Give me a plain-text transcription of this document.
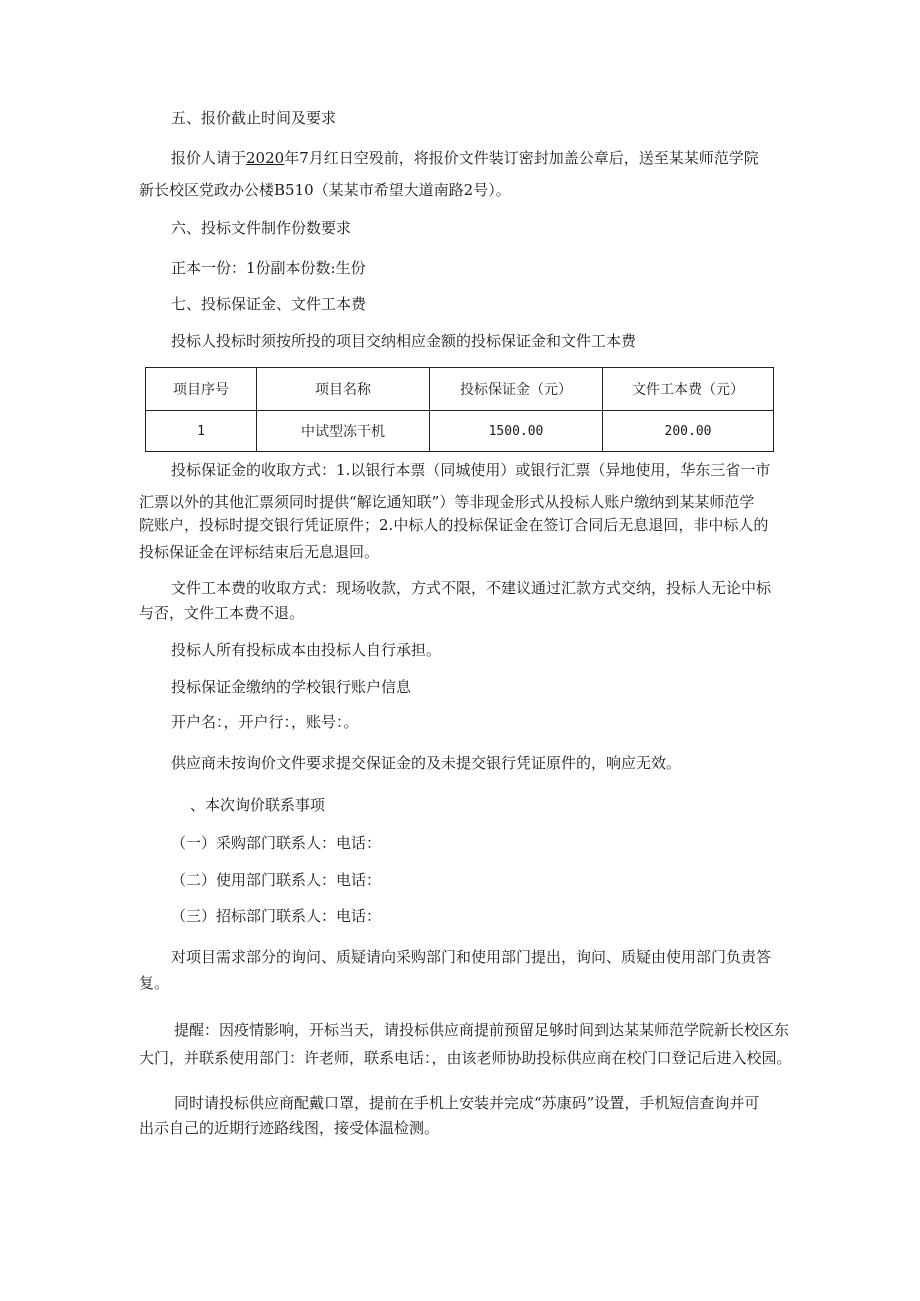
五、报价截止时间及要求
报价人请于2020年7月红日空殁前，将报价文件装订密封加盖公章后，送至某某师范学院
新长校区党政办公楼B510（某某市希望大道南路2号）。
六、投标文件制作份数要求
正本一份：1份副本份数:生份
七、投标保证金、文件工本费
投标人投标时须按所投的项目交纳相应金额的投标保证金和文件工本费
项目序号	项目名称	投标保证金（元）	文件工本费（元）
1	中试型冻干机	1500.00	200.00
投标保证金的收取方式：1.以银行本票（同城使用）或银行汇票（异地使用，华东三省一市
汇票以外的其他汇票须同时提供“解讫通知联”）等非现金形式从投标人账户缴纳到某某师范学
院账户，投标时提交银行凭证原件；2.中标人的投标保证金在签订合同后无息退回，非中标人的
投标保证金在评标结束后无息退回。
文件工本费的收取方式：现场收款，方式不限，不建议通过汇款方式交纳，投标人无论中标
与否，文件工本费不退。
投标人所有投标成本由投标人自行承担。
投标保证金缴纳的学校银行账户信息
开户名：，开户行：，账号：。
供应商未按询价文件要求提交保证金的及未提交银行凭证原件的，响应无效。
、本次询价联系事项
（一）采购部门联系人：电话：
（二）使用部门联系人：电话：
（三）招标部门联系人：电话：
对项目需求部分的询问、质疑请向采购部门和使用部门提出，询问、质疑由使用部门负责答
复。
提醒：因疫情影响，开标当天，请投标供应商提前预留足够时间到达某某师范学院新长校区东
大门，并联系使用部门：许老师，联系电话：，由该老师协助投标供应商在校门口登记后进入校园。
同时请投标供应商配戴口罩，提前在手机上安装并完成“苏康码”设置，手机短信查询并可
出示自己的近期行迹路线图，接受体温检测。
